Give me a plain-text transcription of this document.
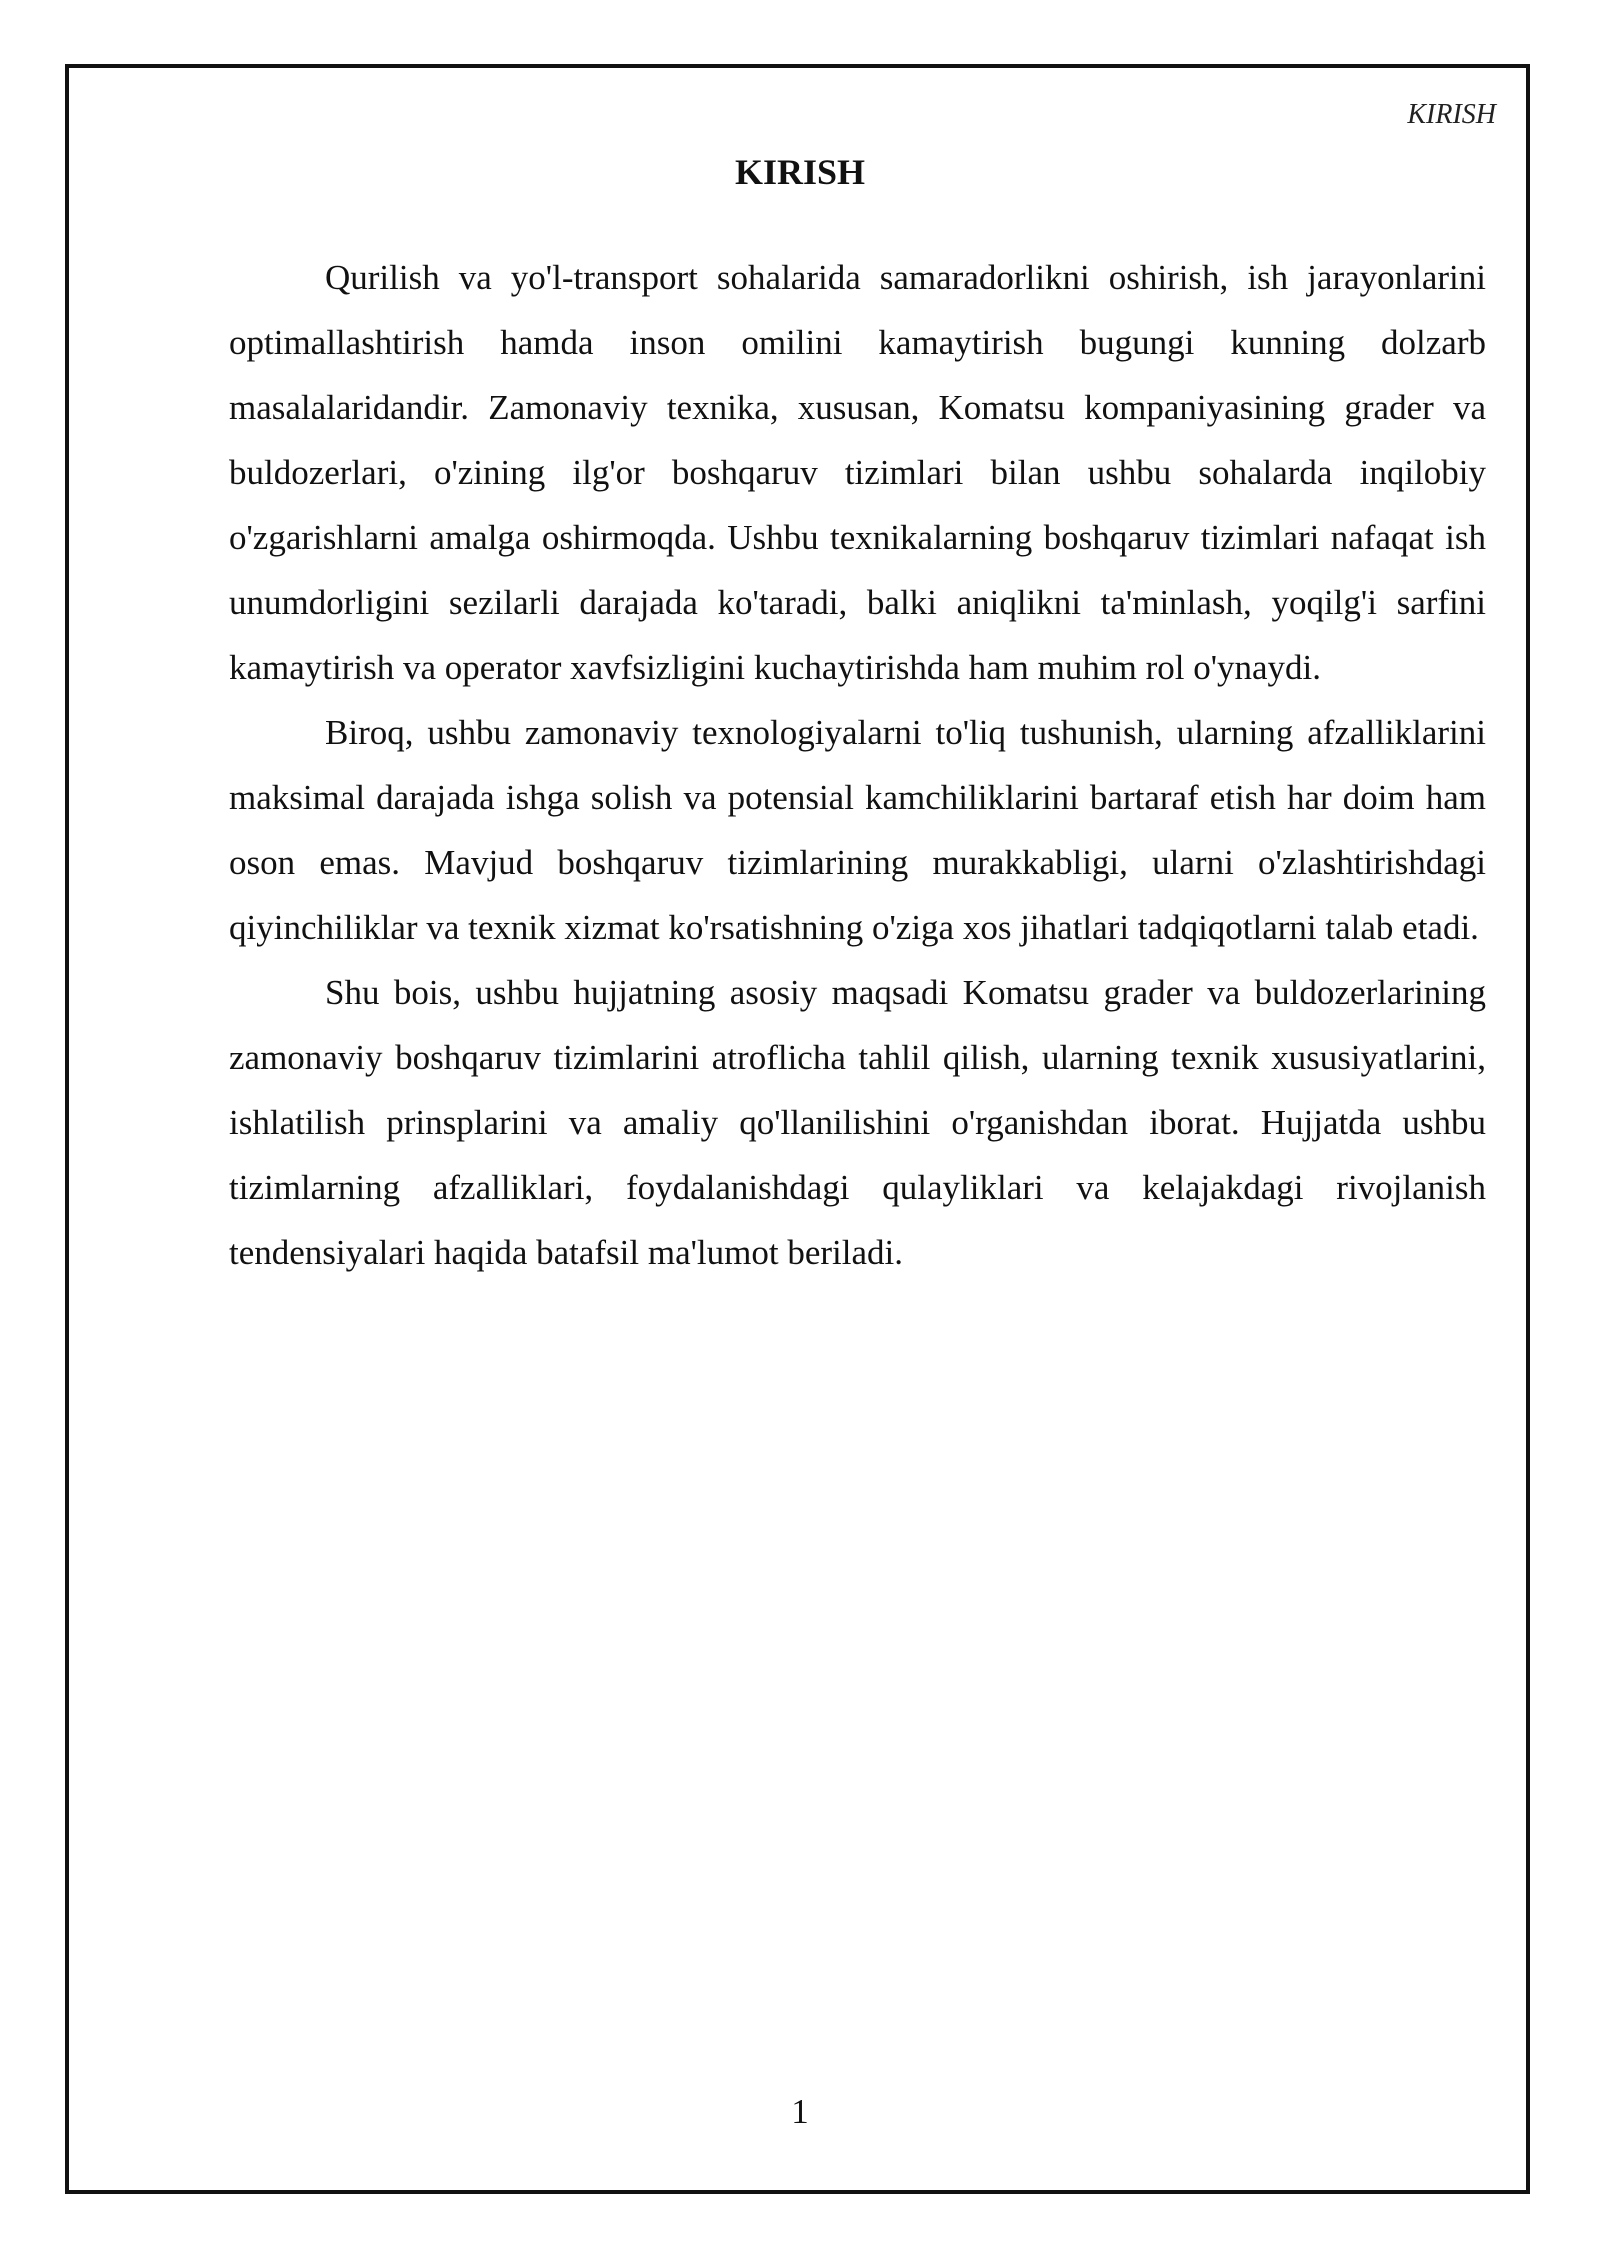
KIRISH
KIRISH

Qurilish va yo'l-transport sohalarida samaradorlikni oshirish, ish jarayonlarini optimallashtirish hamda inson omilini kamaytirish bugungi kunning dolzarb masalalaridandir. Zamonaviy texnika, xususan, Komatsu kompaniyasining grader va buldozerlari, o'zining ilg'or boshqaruv tizimlari bilan ushbu sohalarda inqilobiy o'zgarishlarni amalga oshirmoqda. Ushbu texnikalarning boshqaruv tizimlari nafaqat ish unumdorligini sezilarli darajada ko'taradi, balki aniqlikni ta'minlash, yoqilg'i sarfini kamaytirish va operator xavfsizligini kuchaytirishda ham muhim rol o'ynaydi.

Biroq, ushbu zamonaviy texnologiyalarni to'liq tushunish, ularning afzalliklarini maksimal darajada ishga solish va potensial kamchiliklarini bartaraf etish har doim ham oson emas. Mavjud boshqaruv tizimlarining murakkabligi, ularni o'zlashtirishdagi qiyinchiliklar va texnik xizmat ko'rsatishning o'ziga xos jihatlari tadqiqotlarni talab etadi.

Shu bois, ushbu hujjatning asosiy maqsadi Komatsu grader va buldozerlarining zamonaviy boshqaruv tizimlarini atroflicha tahlil qilish, ularning texnik xususiyatlarini, ishlatilish prinsplarini va amaliy qo'llanilishini o'rganishdan iborat. Hujjatda ushbu tizimlarning afzalliklari, foydalanishdagi qulayliklari va kelajakdagi rivojlanish tendensiyalari haqida batafsil ma'lumot beriladi.

1
